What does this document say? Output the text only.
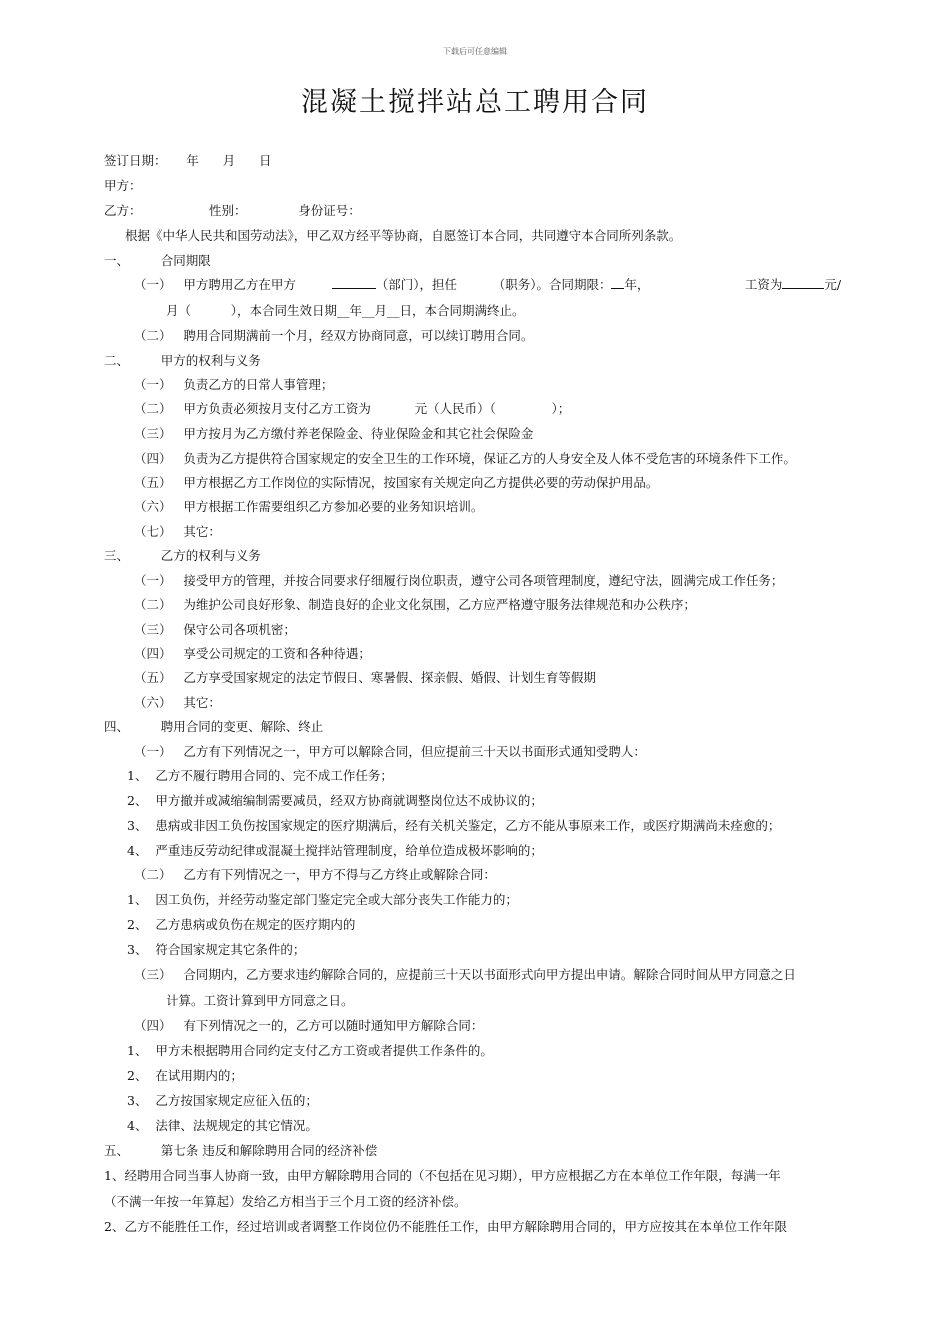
下载后可任意编辑
混凝土搅拌站总工聘用合同
签订日期：     年      月      日
甲方：
乙方：                 性别：             身份证号：
根据《中华人民共和国劳动法》，甲乙双方经平等协商，自愿签订本合同，共同遵守本合同所列条款。
一、        合同期限
（一）   甲方聘用乙方在甲方	（部门），担任         （职务）。合同期限： 年，                        工资为	元/
月（          ），本合同生效日期__年__月__日，本合同期满终止。
（二）   聘用合同期满前一个月，经双方协商同意，可以续订聘用合同。
二、        甲方的权利与义务
（一）   负责乙方的日常人事管理；
（二）   甲方负责必须按月支付乙方工资为           元（人民币）（              ）；
（三）   甲方按月为乙方缴付养老保险金、待业保险金和其它社会保险金
（四）   负责为乙方提供符合国家规定的安全卫生的工作环境，保证乙方的人身安全及人体不受危害的环境条件下工作。
（五）   甲方根据乙方工作岗位的实际情况，按国家有关规定向乙方提供必要的劳动保护用品。
（六）   甲方根据工作需要组织乙方参加必要的业务知识培训。
（七）   其它：
三、        乙方的权利与义务
（一）   接受甲方的管理，并按合同要求仔细履行岗位职责，遵守公司各项管理制度，遵纪守法，圆满完成工作任务；
（二）   为维护公司良好形象、制造良好的企业文化氛围，乙方应严格遵守服务法律规范和办公秩序；
（三）   保守公司各项机密；
（四）   享受公司规定的工资和各种待遇；
（五）   乙方享受国家规定的法定节假日、寒暑假、探亲假、婚假、计划生育等假期
（六）   其它：
四、        聘用合同的变更、解除、终止
（一）   乙方有下列情况之一，甲方可以解除合同，但应提前三十天以书面形式通知受聘人：
1、  乙方不履行聘用合同的、完不成工作任务；
2、  甲方撤并或减缩编制需要减员，经双方协商就调整岗位达不成协议的；
3、  患病或非因工负伤按国家规定的医疗期满后，经有关机关鉴定，乙方不能从事原来工作，或医疗期满尚未痊愈的；
4、  严重违反劳动纪律或混凝土搅拌站管理制度，给单位造成极坏影响的；
（二）   乙方有下列情况之一，甲方不得与乙方终止或解除合同：
1、  因工负伤，并经劳动鉴定部门鉴定完全或大部分丧失工作能力的；
2、  乙方患病或负伤在规定的医疗期内的
3、  符合国家规定其它条件的；
（三）   合同期内，乙方要求违约解除合同的，应提前三十天以书面形式向甲方提出申请。解除合同时间从甲方同意之日
计算。工资计算到甲方同意之日。
（四）   有下列情况之一的，乙方可以随时通知甲方解除合同：
1、  甲方未根据聘用合同约定支付乙方工资或者提供工作条件的。
2、  在试用期内的；
3、  乙方按国家规定应征入伍的；
4、  法律、法规规定的其它情况。
五、        第七条 违反和解除聘用合同的经济补偿
1、经聘用合同当事人协商一致，由甲方解除聘用合同的（不包括在见习期），甲方应根据乙方在本单位工作年限，每满一年
（不满一年按一年算起）发给乙方相当于三个月工资的经济补偿。
2、乙方不能胜任工作，经过培训或者调整工作岗位仍不能胜任工作，由甲方解除聘用合同的，甲方应按其在本单位工作年限
